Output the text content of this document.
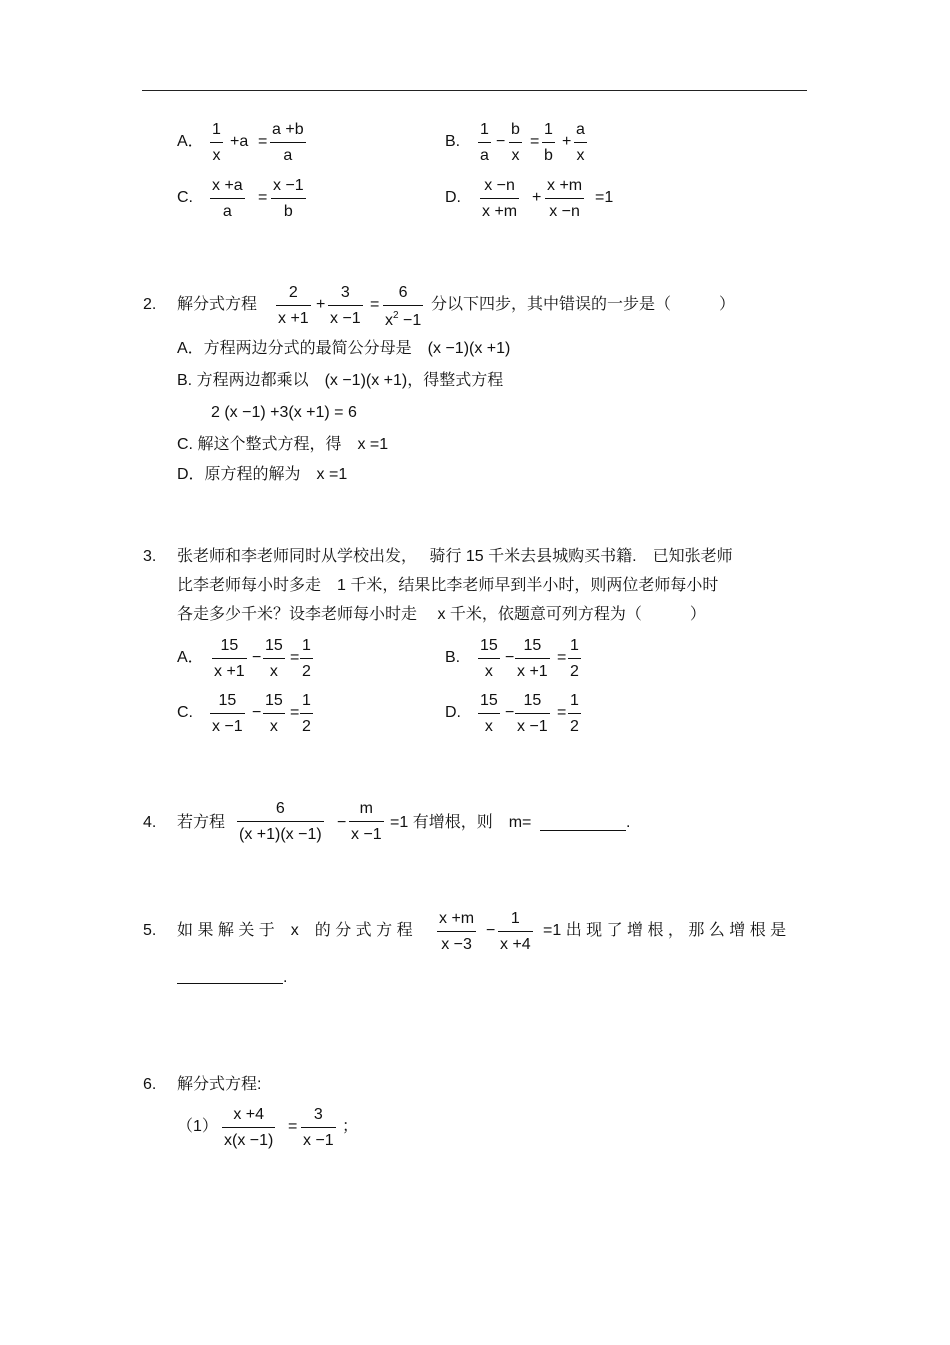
A． $\frac{1}{x} +a = \frac{a +b}{a}$	B. $\frac{1}{a} - \frac{b}{x} = \frac{1}{b} + \frac{a}{x}$
C. $\frac{x +a}{a} = \frac{x -1}{b}$	D. $\frac{x -n}{x +m} + \frac{x +m}{x -n} =1$
2. 解分式方程 $\frac{2}{x +1} + \frac{3}{x -1} = \frac{6}{x^2 -1}$ 分以下四步，其中错误的一步是（　　　）
A．方程两边分式的最简公分母是　(x −1)(x +1)
B. 方程两边都乘以　(x −1)(x +1)，得整式方程
2 (x −1) +3(x +1) = 6
C. 解这个整式方程，得　x =1
D．原方程的解为　x =1
3. 张老师和李老师同时从学校出发，　 骑行 15 千米去县城购买书籍.　已知张老师
比李老师每小时多走　1 千米，结果比李老师早到半小时，则两位老师每小时
各走多少千米？设李老师每小时走　 x 千米，依题意可列方程为（　　　）
A． $\frac{15}{x +1} - \frac{15}{x} = \frac{1}{2}$	B. $\frac{15}{x} - \frac{15}{x +1} = \frac{1}{2}$
C. $\frac{15}{x -1} - \frac{15}{x} = \frac{1}{2}$	D. $\frac{15}{x} - \frac{15}{x -1} = \frac{1}{2}$
4. 若方程 $\frac{6}{(x +1)(x -1)} - \frac{m}{x -1} =1$ 有增根，则　m=	.
5. 如 果 解 关 于　x　的 分 式 方 程 $\frac{x +m}{x -3} - \frac{1}{x +4} =1$ 出 现 了 增 根 ， 那 么 增 根 是
.
6. 解分式方程:
$(1) \frac{x +4}{x(x -1)} = \frac{3}{x -1}$ ；
